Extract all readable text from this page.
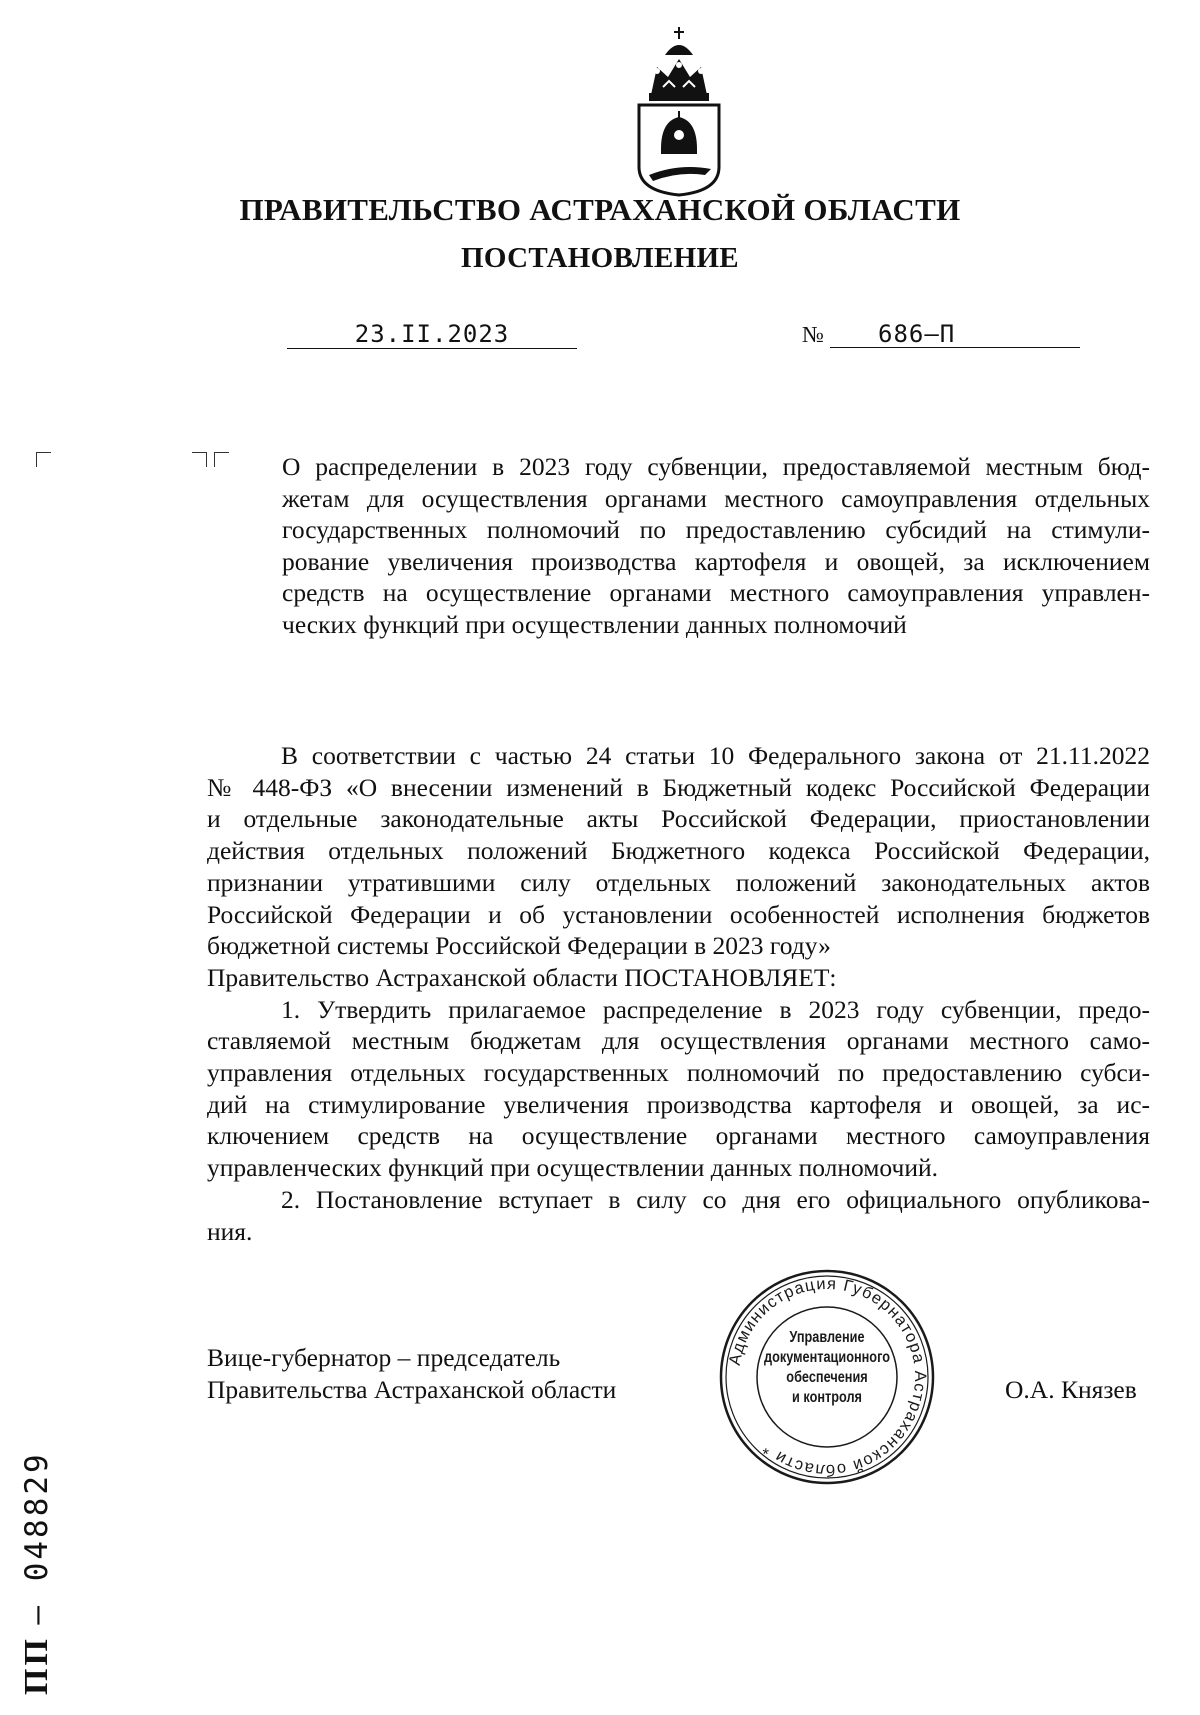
ПРАВИТЕЛЬСТВО АСТРАХАНСКОЙ ОБЛАСТИ
ПОСТАНОВЛЕНИЕ
23.II.2023	№	686–П
О распределении в 2023 году субвенции, предоставляемой местным бюд-
жетам для осуществления органами местного самоуправления отдельных
государственных полномочий по предоставлению субсидий на стимули-
рование увеличения производства картофеля и овощей, за исключением
средств на осуществление органами местного самоуправления управлен-
ческих функций при осуществлении данных полномочий
В соответствии с частью 24 статьи 10 Федерального закона от 21.11.2022
№ 448-ФЗ «О внесении изменений в Бюджетный кодекс Российской Федерации
и отдельные законодательные акты Российской Федерации, приостановлении
действия отдельных положений Бюджетного кодекса Российской Федерации,
признании утратившими силу отдельных положений законодательных актов
Российской Федерации и об установлении особенностей исполнения бюджетов
бюджетной системы Российской Федерации в 2023 году»
Правительство Астраханской области ПОСТАНОВЛЯЕТ:
1. Утвердить прилагаемое распределение в 2023 году субвенции, предо-
ставляемой местным бюджетам для осуществления органами местного само-
управления отдельных государственных полномочий по предоставлению субси-
дий на стимулирование увеличения производства картофеля и овощей, за ис-
ключением средств на осуществление органами местного самоуправления
управленческих функций при осуществлении данных полномочий.
2. Постановление вступает в силу со дня его официального опубликова-
ния.
Вице-губернатор – председатель
Правительства Астраханской области	О.А. Князев
Администрация Губернатора Астраханской области *
Управление
документационного
обеспечения
и контроля
ПП – 048829
